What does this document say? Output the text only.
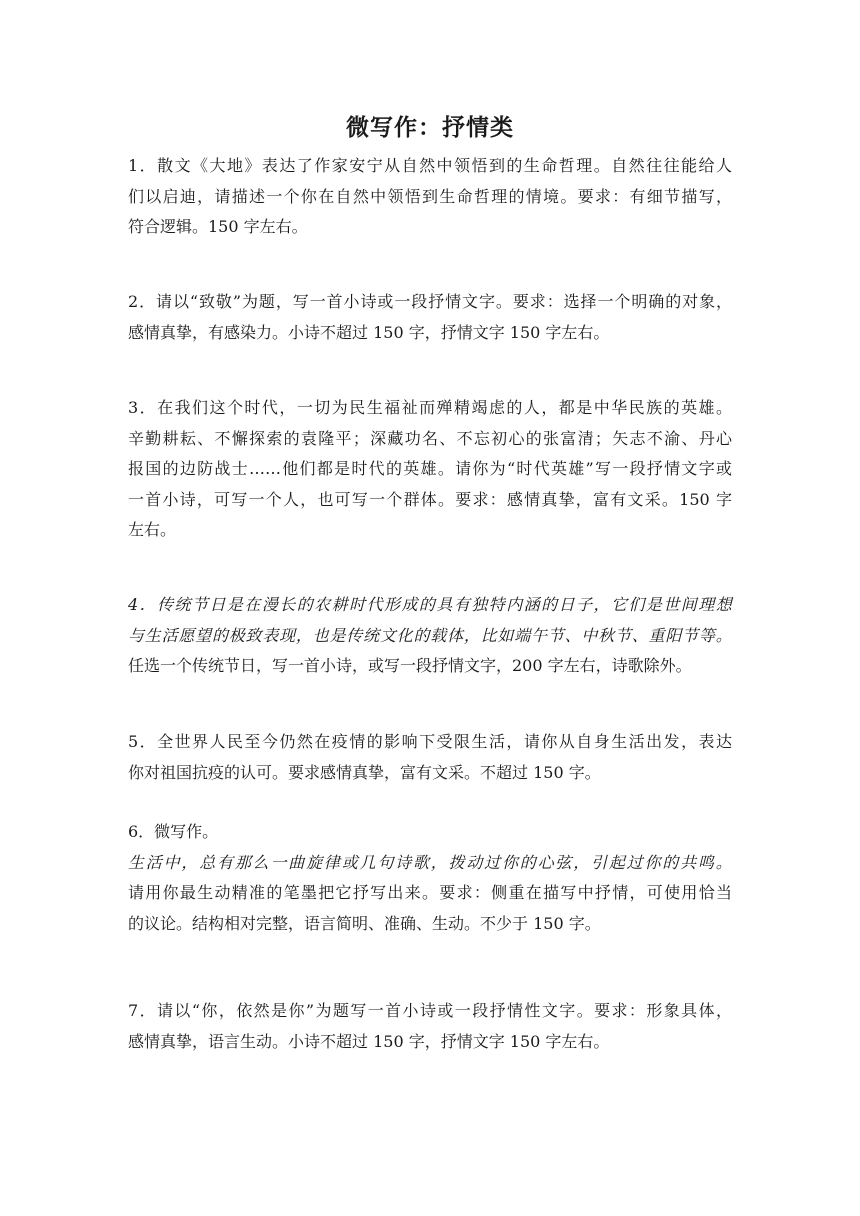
微写作：抒情类

1．散文《大地》表达了作家安宁从自然中领悟到的生命哲理。自然往往能给人
们以启迪，请描述一个你在自然中领悟到生命哲理的情境。要求：有细节描写，
符合逻辑。150 字左右。

2．请以“致敬”为题，写一首小诗或一段抒情文字。要求：选择一个明确的对象，
感情真挚，有感染力。小诗不超过 150 字，抒情文字 150 字左右。

3．在我们这个时代，一切为民生福祉而殚精竭虑的人，都是中华民族的英雄。
辛勤耕耘、不懈探索的袁隆平；深藏功名、不忘初心的张富清；矢志不渝、丹心
报国的边防战士……他们都是时代的英雄。请你为“时代英雄”写一段抒情文字或
一首小诗，可写一个人，也可写一个群体。要求：感情真挚，富有文采。150 字
左右。

4．传统节日是在漫长的农耕时代形成的具有独特内涵的日子，它们是世间理想
与生活愿望的极致表现，也是传统文化的载体，比如端午节、中秋节、重阳节等。
任选一个传统节日，写一首小诗，或写一段抒情文字，200 字左右，诗歌除外。

5．全世界人民至今仍然在疫情的影响下受限生活，请你从自身生活出发，表达
你对祖国抗疫的认可。要求感情真挚，富有文采。不超过 150 字。

6．微写作。
生活中，总有那么一曲旋律或几句诗歌，拨动过你的心弦，引起过你的共鸣。
请用你最生动精准的笔墨把它抒写出来。要求：侧重在描写中抒情，可使用恰当
的议论。结构相对完整，语言简明、准确、生动。不少于 150 字。

7．请以“你，依然是你”为题写一首小诗或一段抒情性文字。要求：形象具体，
感情真挚，语言生动。小诗不超过 150 字，抒情文字 150 字左右。
